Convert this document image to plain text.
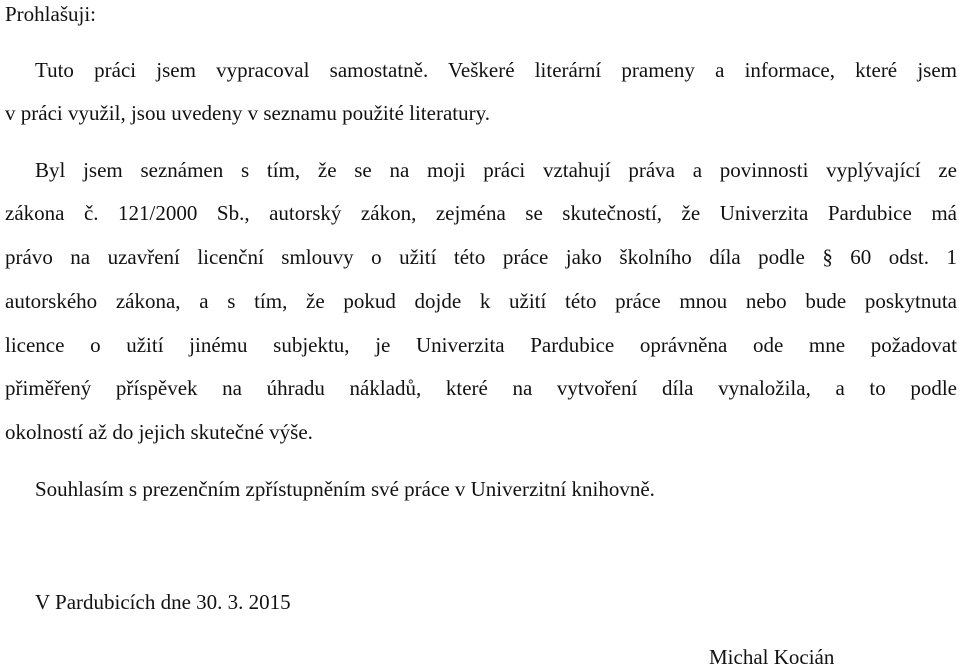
Prohlašuji:
Tuto práci jsem vypracoval samostatně. Veškeré literární prameny a informace, které jsem
v práci využil, jsou uvedeny v seznamu použité literatury.
Byl jsem seznámen s tím, že se na moji práci vztahují práva a povinnosti vyplývající ze
zákona č. 121/2000 Sb., autorský zákon, zejména se skutečností, že Univerzita Pardubice má
právo na uzavření licenční smlouvy o užití této práce jako školního díla podle § 60 odst. 1
autorského zákona, a s tím, že pokud dojde k užití této práce mnou nebo bude poskytnuta
licence o užití jinému subjektu, je Univerzita Pardubice oprávněna ode mne požadovat
přiměřený příspěvek na úhradu nákladů, které na vytvoření díla vynaložila, a to podle
okolností až do jejich skutečné výše.
Souhlasím s prezenčním zpřístupněním své práce v Univerzitní knihovně.
V Pardubicích dne 30. 3. 2015
Michal Kocián
